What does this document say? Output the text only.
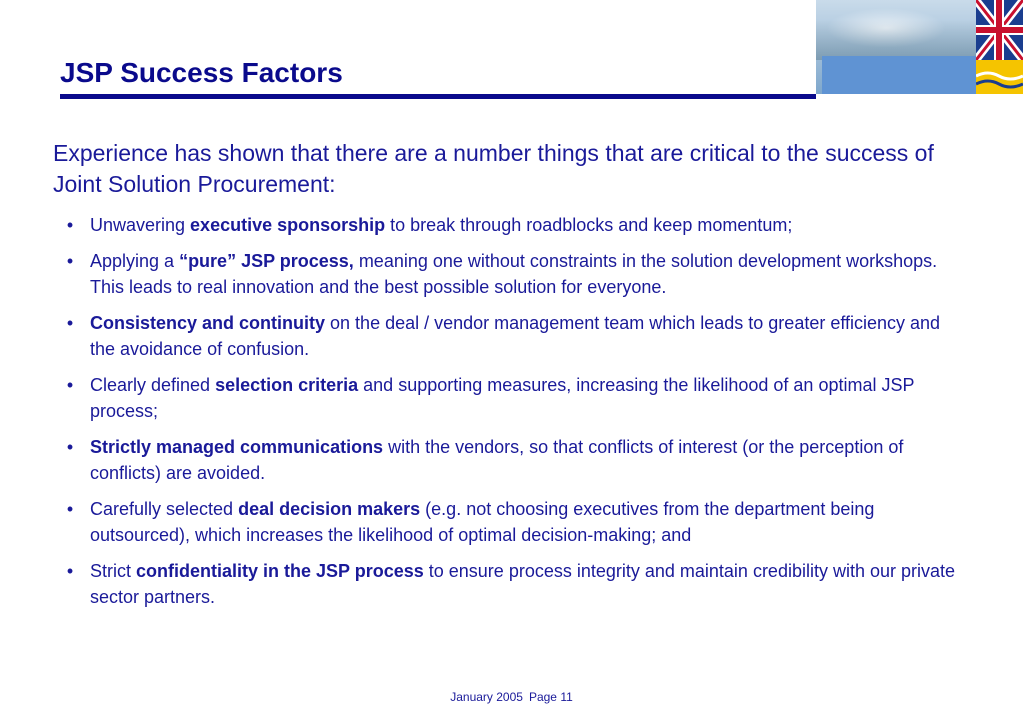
JSP Success Factors

Experience has shown that there are a number things that are critical to the success of Joint Solution Procurement:

• Unwavering executive sponsorship to break through roadblocks and keep momentum;
• Applying a “pure” JSP process, meaning one without constraints in the solution development workshops. This leads to real innovation and the best possible solution for everyone.
• Consistency and continuity on the deal / vendor management team which leads to greater efficiency and the avoidance of confusion.
• Clearly defined selection criteria and supporting measures, increasing the likelihood of an optimal JSP process;
• Strictly managed communications with the vendors, so that conflicts of interest (or the perception of conflicts) are avoided.
• Carefully selected deal decision makers (e.g. not choosing executives from the department being outsourced), which increases the likelihood of optimal decision-making; and
• Strict confidentiality in the JSP process to ensure process integrity and maintain credibility with our private sector partners.
January 2005 Page 11
